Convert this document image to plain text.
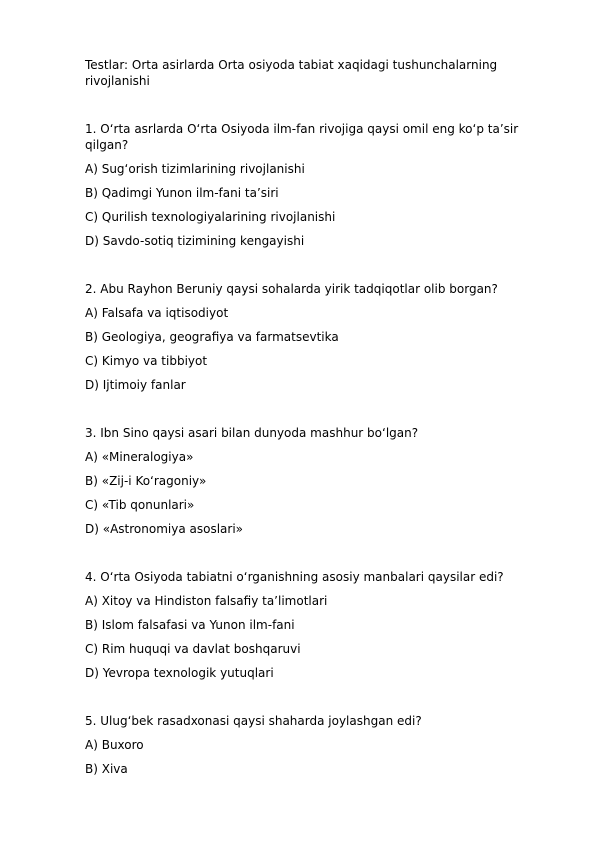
Testlar: Orta asirlarda Orta osiyoda tabiat xaqidagi tushunchalarning rivojlanishi

1. O‘rta asrlarda O‘rta Osiyoda ilm-fan rivojiga qaysi omil eng ko‘p ta’sir qilgan?

A) Sug‘orish tizimlarining rivojlanishi

B) Qadimgi Yunon ilm-fani ta’siri

C) Qurilish texnologiyalarining rivojlanishi

D) Savdo-sotiq tizimining kengayishi

2. Abu Rayhon Beruniy qaysi sohalarda yirik tadqiqotlar olib borgan?

A) Falsafa va iqtisodiyot

B) Geologiya, geografiya va farmatsevtika

C) Kimyo va tibbiyot

D) Ijtimoiy fanlar

3. Ibn Sino qaysi asari bilan dunyoda mashhur bo‘lgan?

A) «Mineralogiya»

B) «Zij-i Ko‘ragoniy»

C) «Tib qonunlari»

D) «Astronomiya asoslari»

4. O‘rta Osiyoda tabiatni o‘rganishning asosiy manbalari qaysilar edi?

A) Xitoy va Hindiston falsafiy ta’limotlari

B) Islom falsafasi va Yunon ilm-fani

C) Rim huquqi va davlat boshqaruvi

D) Yevropa texnologik yutuqlari

5. Ulug‘bek rasadxonasi qaysi shaharda joylashgan edi?

A) Buxoro

B) Xiva
